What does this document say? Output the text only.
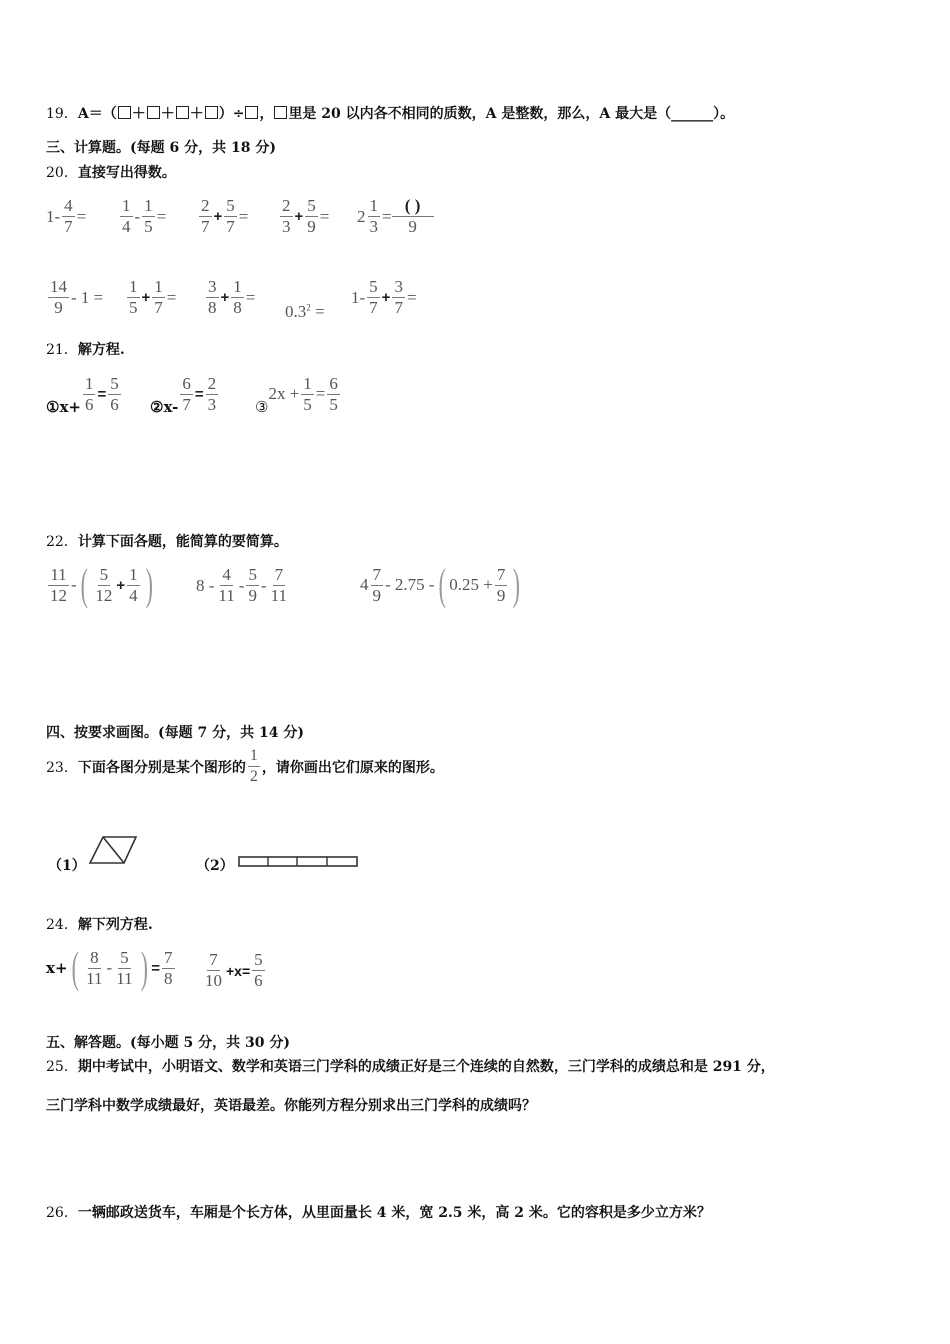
19．A＝（ ＋ ＋ ＋ ）÷ ， 里是 20 以内各不相同的质数，A 是整数，那么，A 最大是（______）。
三、计算题。(每题 6 分，共 18 分)
20．直接写出得数。
$1- \frac{4}{7}$ =
1
4
- $\frac{1}{5}$ =
2
7
+ $\frac{5}{7}$ =
2
3
+ $\frac{5}{9} = 2 \frac{1}{3}$ =
( )
9
14
9
- 1 =
1
5
+ $\frac{1}{7}$ =
3
8
+ $\frac{1}{8}$ =
$0.3^2$ =
1-
5
7
+ $\frac{3}{7}$ =
21．解方程.
①x+ $\frac{1}{6} = \frac{5}{6}$ ②x- $\frac{6}{7} = \frac{2}{3}$ ③
$2x + \frac{1}{5} = \frac{6}{5}$
22．计算下面各题，能简算的要简算。
11
12
- ( 5
12
+ $\frac{1}{4}$ )	8 -
4
11
-
5
9
-
7
11
4
7
9
- 2.75 - ( $0.25 + \frac{7}{9}$ )
四、按要求画图。(每题 7 分，共 14 分)
23． 下面各图分别是某个图形的
1
2
，请你画出它们原来的图形。
（1）	（2）
24．解下列方程.
x+ ( 8
11
-
5
11 ) = $\frac{7}{8} 7$
10
$+x= \frac{5}{6}$
五、解答题。(每小题 5 分，共 30 分)
25．期中考试中，小明语文、数学和英语三门学科的成绩正好是三个连续的自然数，三门学科的成绩总和是 291 分，
三门学科中数学成绩最好，英语最差。你能列方程分别求出三门学科的成绩吗？
26．一辆邮政送货车，车厢是个长方体，从里面量长 4 米，宽 2.5 米，高 2 米。它的容积是多少立方米？
